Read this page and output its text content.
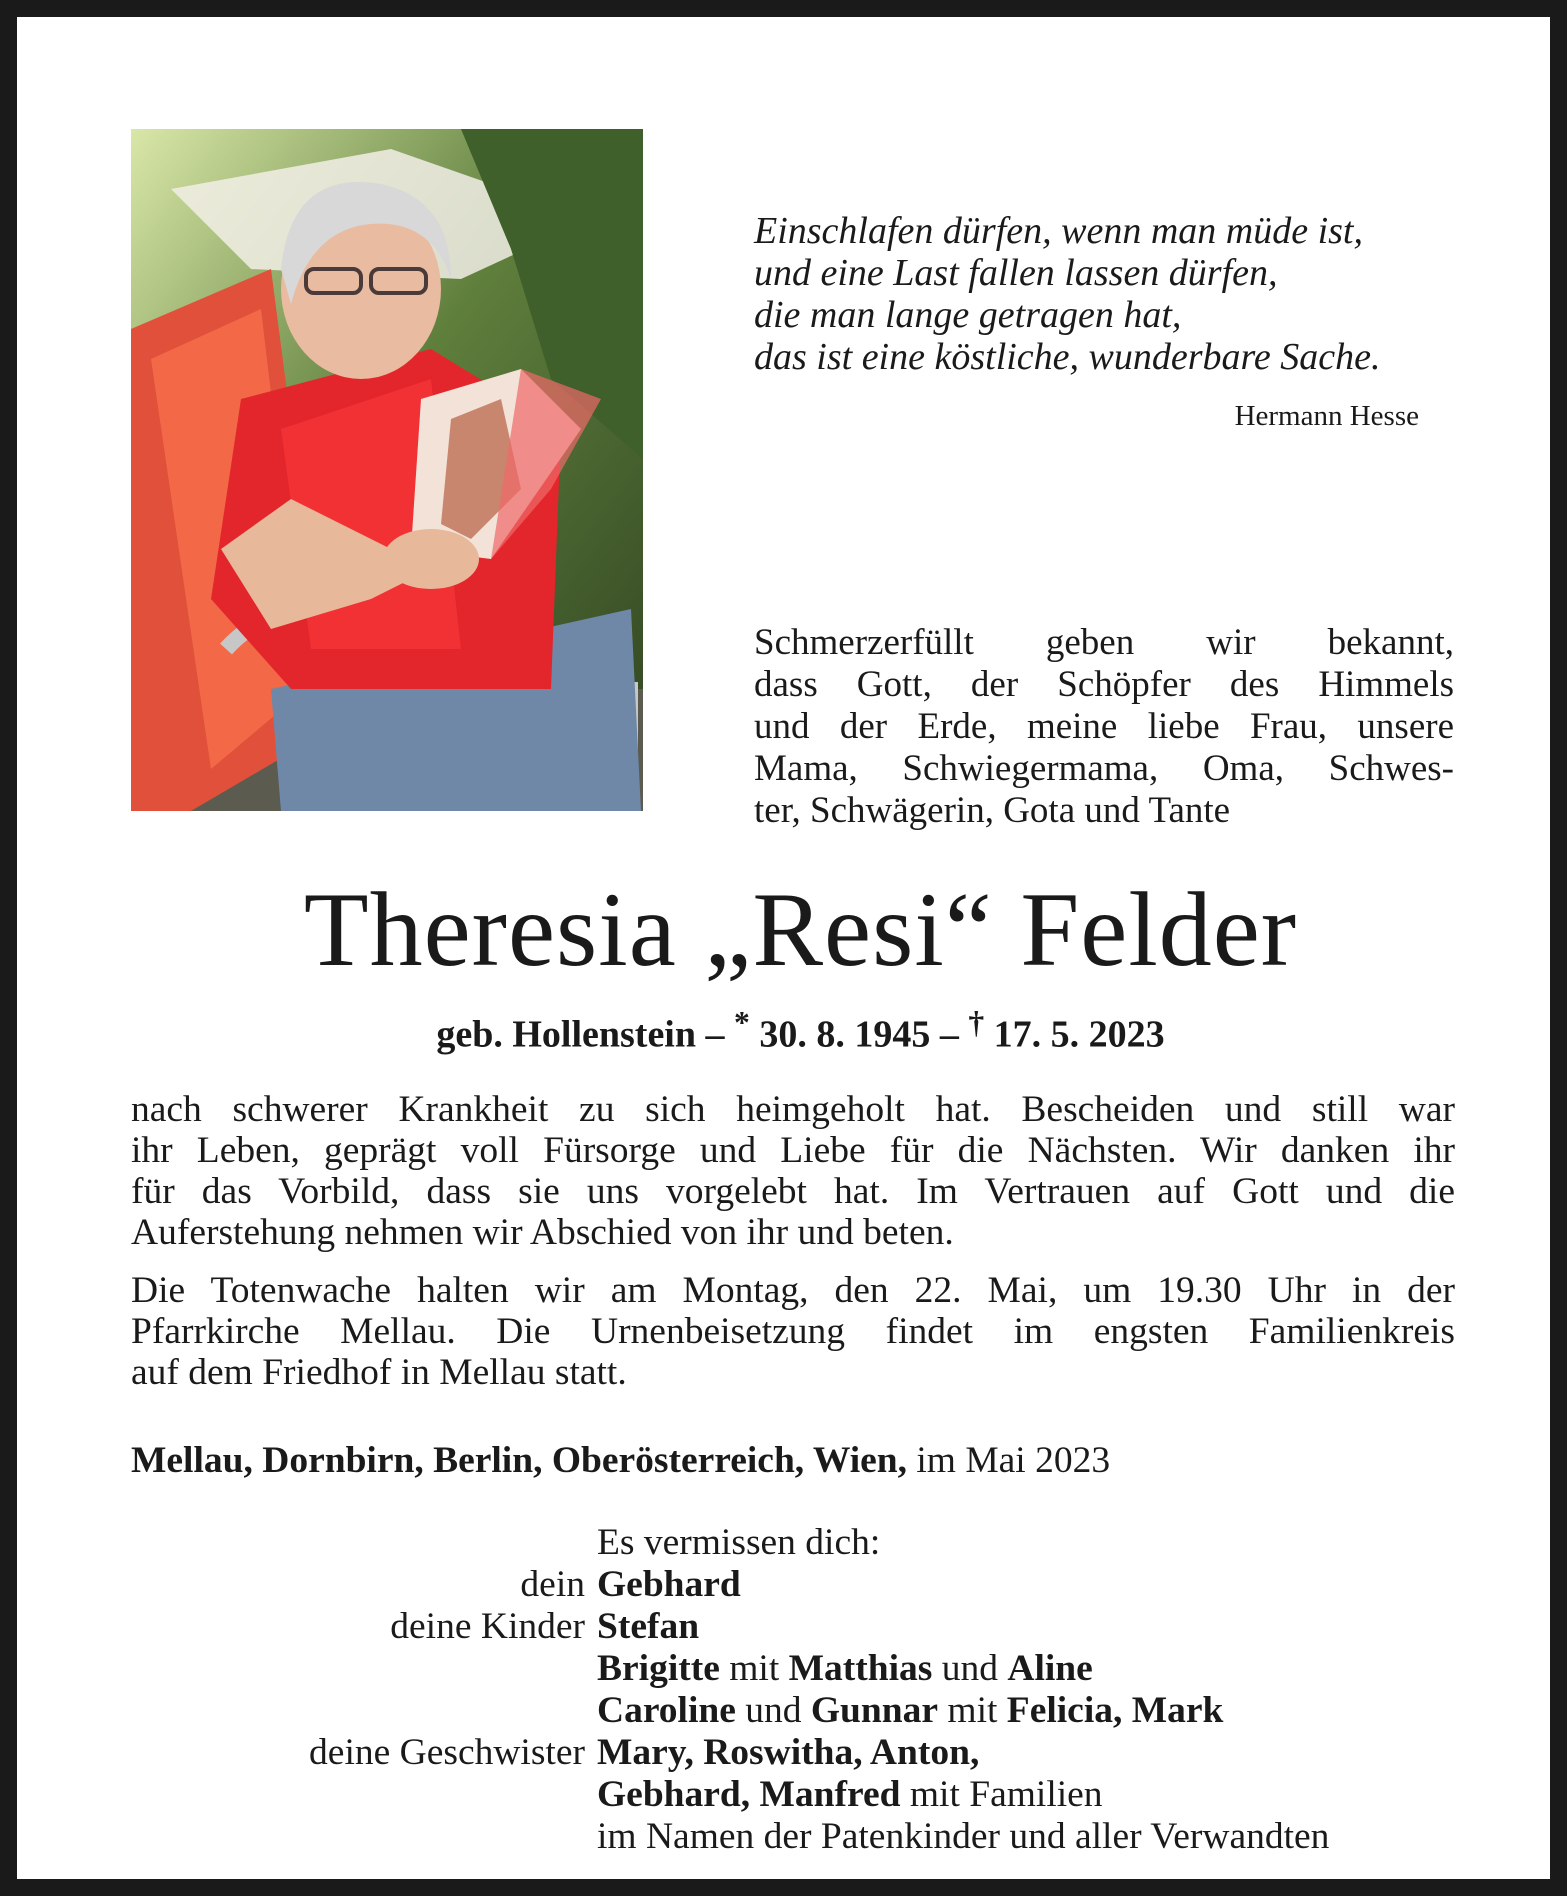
Einschlafen dürfen, wenn man müde ist,
und eine Last fallen lassen dürfen,
die man lange getragen hat,
das ist eine köstliche, wunderbare Sache.
Hermann Hesse
Schmerzerfüllt geben wir bekannt,
dass Gott, der Schöpfer des Himmels
und der Erde, meine liebe Frau, unsere
Mama, Schwiegermama, Oma, Schwes-
ter, Schwägerin, Gota und Tante
Theresia „Resi“ Felder
geb. Hollenstein – * 30. 8. 1945 – † 17. 5. 2023
nach schwerer Krankheit zu sich heimgeholt hat. Bescheiden und still war
ihr Leben, geprägt voll Fürsorge und Liebe für die Nächsten. Wir danken ihr
für das Vorbild, dass sie uns vorgelebt hat. Im Vertrauen auf Gott und die
Auferstehung nehmen wir Abschied von ihr und beten.
Die Totenwache halten wir am Montag, den 22. Mai, um 19.30 Uhr in der
Pfarrkirche Mellau. Die Urnenbeisetzung findet im engsten Familienkreis
auf dem Friedhof in Mellau statt.
Mellau, Dornbirn, Berlin, Oberösterreich, Wien, im Mai 2023
Es vermissen dich:
dein Gebhard
deine Kinder Stefan
Brigitte mit Matthias und Aline
Caroline und Gunnar mit Felicia, Mark
deine Geschwister Mary, Roswitha, Anton,
Gebhard, Manfred mit Familien
im Namen der Patenkinder und aller Verwandten
